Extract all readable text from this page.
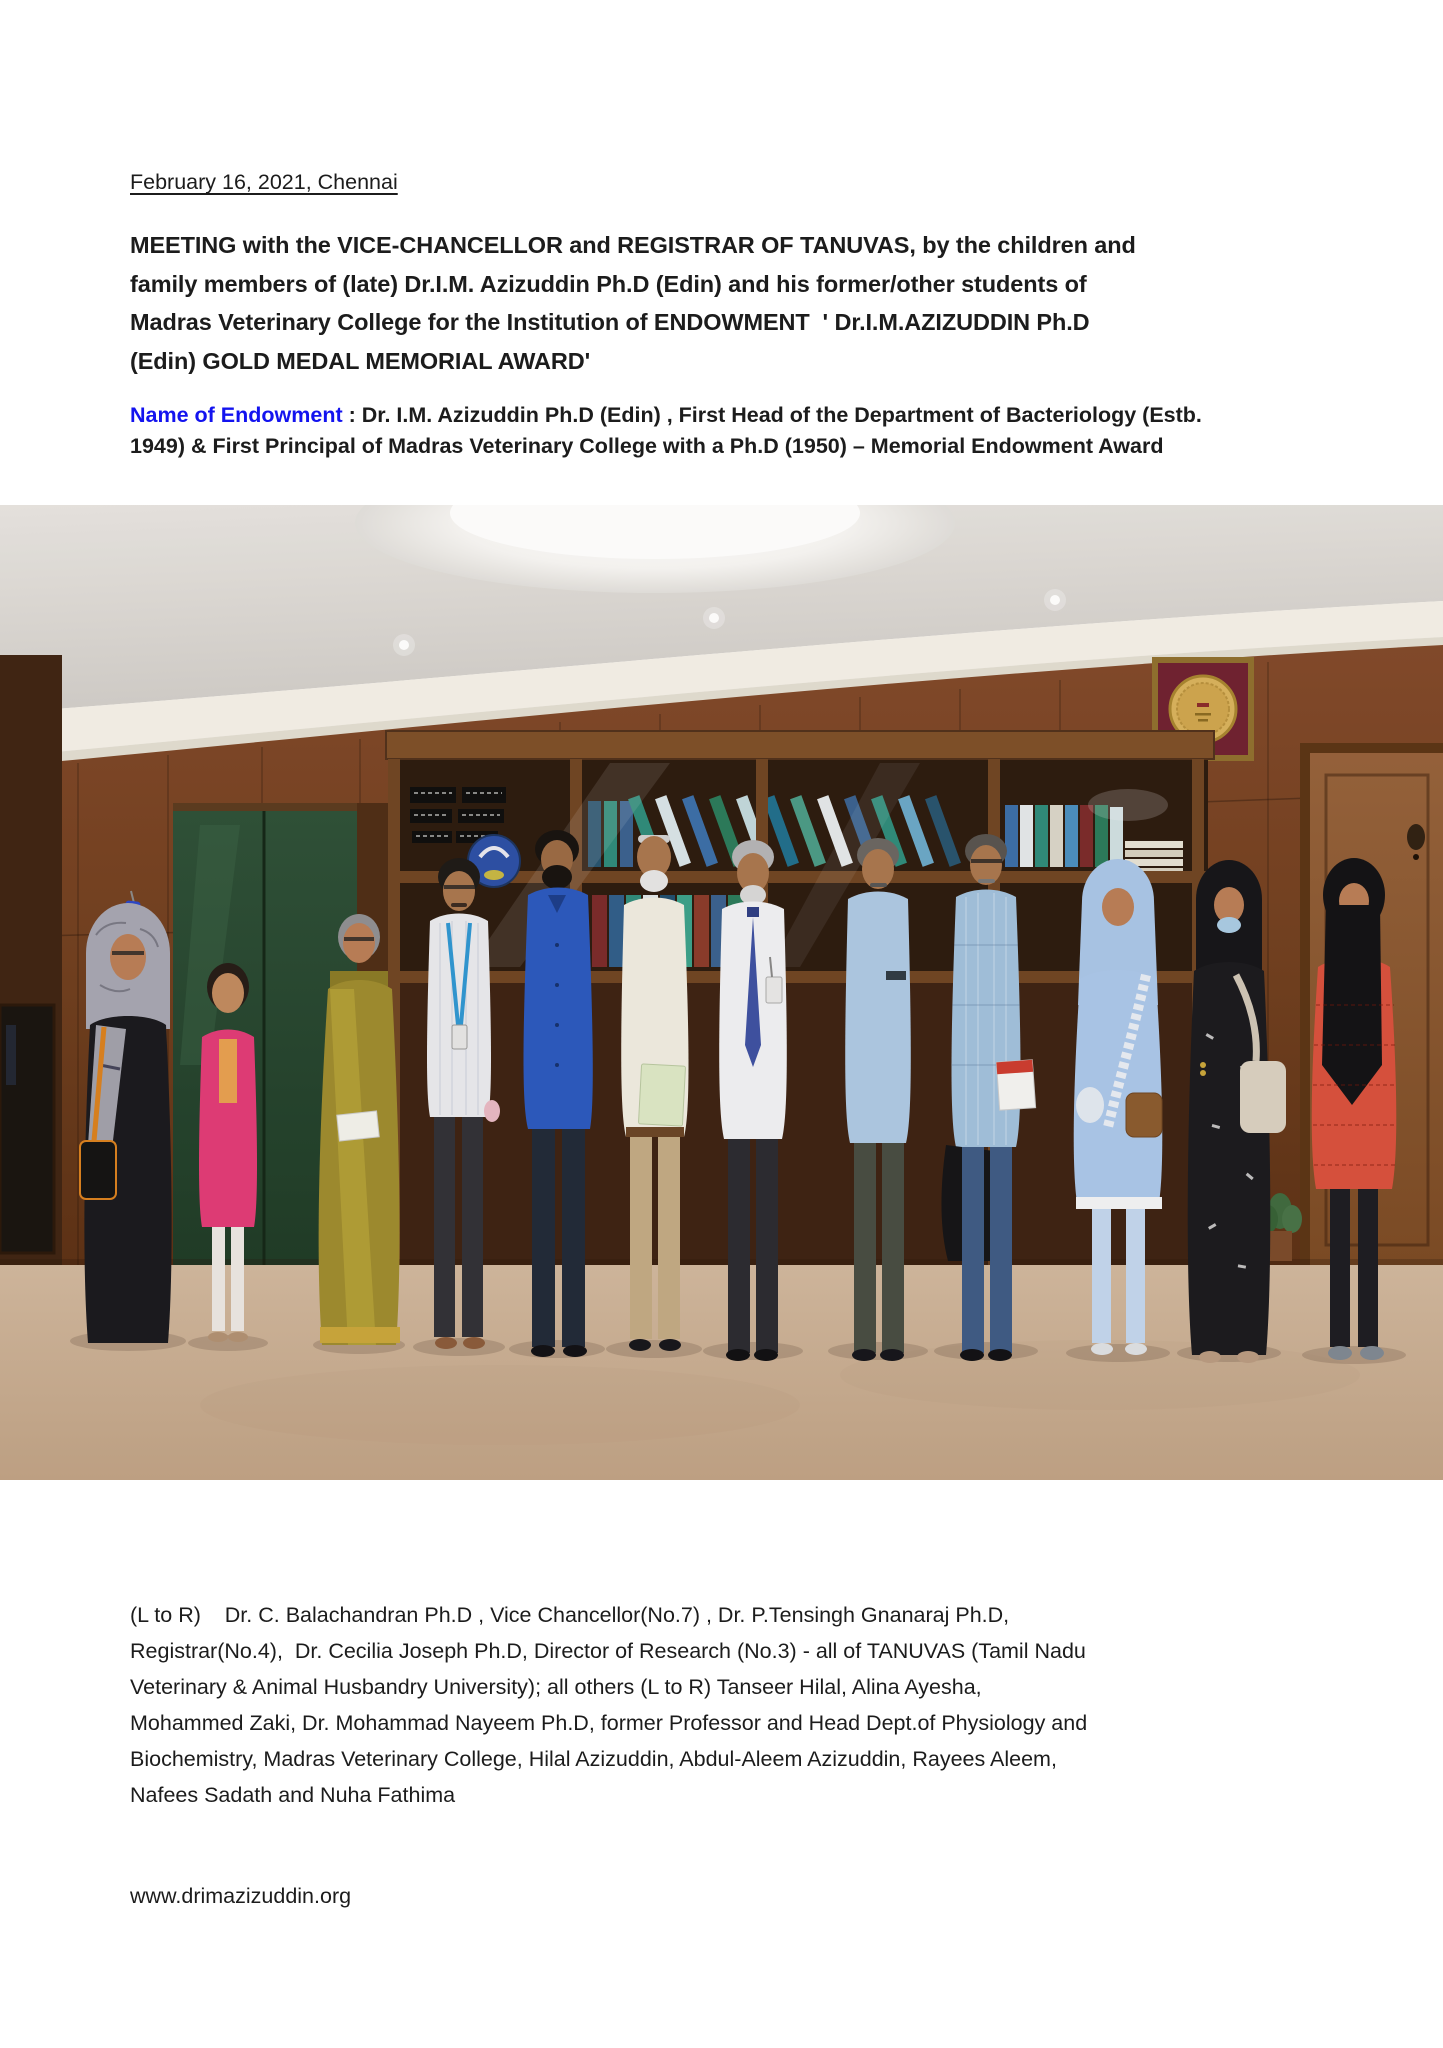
February 16, 2021, Chennai
MEETING with the VICE-CHANCELLOR and REGISTRAR OF TANUVAS, by the children and
family members of (late) Dr.I.M. Azizuddin Ph.D (Edin) and his former/other students of
Madras Veterinary College for the Institution of ENDOWMENT  ' Dr.I.M.AZIZUDDIN Ph.D
(Edin) GOLD MEDAL MEMORIAL AWARD'
Name of Endowment : Dr. I.M. Azizuddin Ph.D (Edin) , First Head of the Department of Bacteriology (Estb.
1949) & First Principal of Madras Veterinary College with a Ph.D (1950) – Memorial Endowment Award
(L to R)    Dr. C. Balachandran Ph.D , Vice Chancellor(No.7) , Dr. P.Tensingh Gnanaraj Ph.D,
Registrar(No.4),  Dr. Cecilia Joseph Ph.D, Director of Research (No.3) - all of TANUVAS (Tamil Nadu
Veterinary & Animal Husbandry University); all others (L to R) Tanseer Hilal, Alina Ayesha,
Mohammed Zaki, Dr. Mohammad Nayeem Ph.D, former Professor and Head Dept.of Physiology and
Biochemistry, Madras Veterinary College, Hilal Azizuddin, Abdul-Aleem Azizuddin, Rayees Aleem,
Nafees Sadath and Nuha Fathima
www.drimazizuddin.org
